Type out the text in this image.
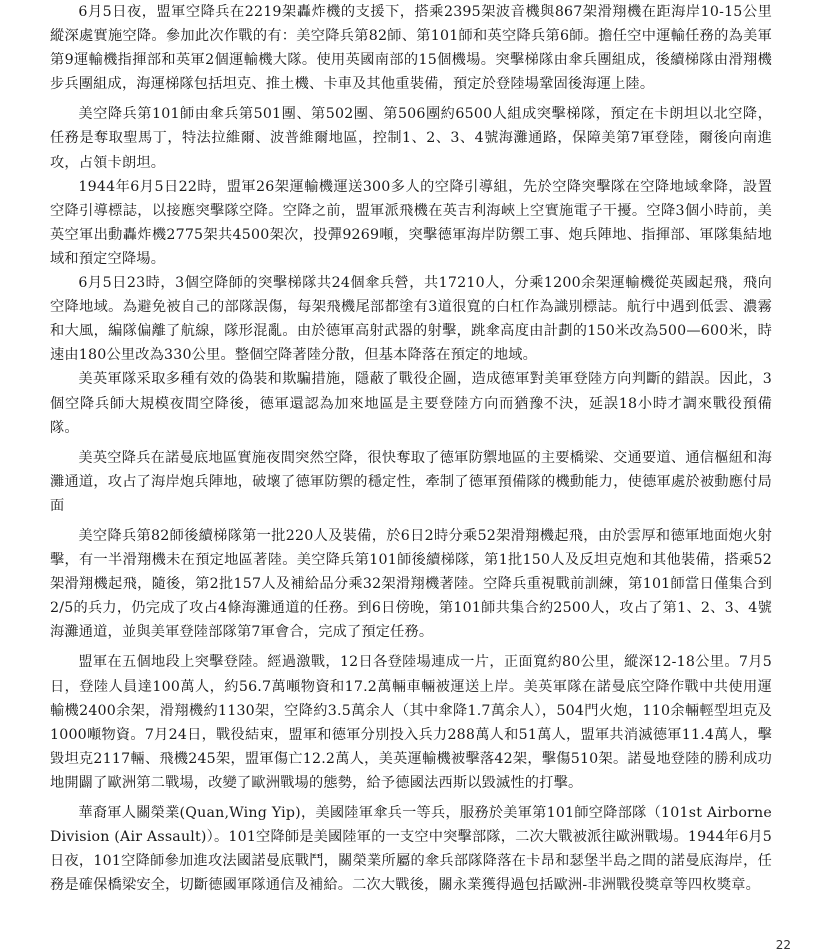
6月5日夜，盟軍空降兵在2219架轟炸機的支援下，搭乘2395架波音機與867架滑翔機在距海岸10-15公里縱深處實施空降。參加此次作戰的有：美空降兵第82師、第101師和英空降兵第6師。擔任空中運輸任務的為美軍第9運輸機指揮部和英軍2個運輸機大隊。使用英國南部的15個機場。突擊梯隊由傘兵團組成，後續梯隊由滑翔機步兵團組成，海運梯隊包括坦克、推土機、卡車及其他重裝備，預定於登陸場鞏固後海運上陸。

美空降兵第101師由傘兵第501團、第502團、第506團約6500人組成突擊梯隊，預定在卡朗坦以北空降，任務是奪取聖馬丁，特法拉維爾、波普維爾地區，控制1、2、3、4號海灘通路，保障美第7軍登陸，爾後向南進攻，占領卡朗坦。

1944年6月5日22時，盟軍26架運輸機運送300多人的空降引導組，先於空降突擊隊在空降地域傘降，設置空降引導標誌，以接應突擊隊空降。空降之前，盟軍派飛機在英吉利海峽上空實施電子干擾。空降3個小時前，美英空軍出動轟炸機2775架共4500架次，投彈9269噸，突擊德軍海岸防禦工事、炮兵陣地、指揮部、軍隊集結地域和預定空降場。

6月5日23時，3個空降師的突擊梯隊共24個傘兵營，共17210人，分乘1200余架運輸機從英國起飛，飛向空降地域。為避免被自己的部隊誤傷，每架飛機尾部都塗有3道很寬的白杠作為識別標誌。航行中遇到低雲、濃霧和大風，編隊偏離了航線，隊形混亂。由於德軍高射武器的射擊，跳傘高度由計劃的150米改為500—600米，時速由180公里改為330公里。整個空降著陸分散，但基本降落在預定的地域。

美英軍隊采取多種有效的偽裝和欺騙措施，隱蔽了戰役企圖，造成德軍對美軍登陸方向判斷的錯誤。因此，3個空降兵師大規模夜間空降後，德軍還認為加來地區是主要登陸方向而猶豫不決，延誤18小時才調來戰役預備隊。

美英空降兵在諾曼底地區實施夜間突然空降，很快奪取了德軍防禦地區的主要橋梁、交通要道、通信樞紐和海灘通道，攻占了海岸炮兵陣地，破壞了德軍防禦的穩定性，牽制了德軍預備隊的機動能力，使德軍處於被動應付局面

美空降兵第82師後續梯隊第一批220人及裝備，於6日2時分乘52架滑翔機起飛，由於雲厚和德軍地面炮火射擊，有一半滑翔機未在預定地區著陸。美空降兵第101師後續梯隊，第1批150人及反坦克炮和其他裝備，搭乘52架滑翔機起飛，隨後，第2批157人及補給品分乘32架滑翔機著陸。空降兵重視戰前訓練，第101師當日僅集合到2/5的兵力，仍完成了攻占4條海灘通道的任務。到6日傍晚，第101師共集合約2500人，攻占了第1、2、3、4號海灘通道，並與美軍登陸部隊第7軍會合，完成了預定任務。

盟軍在五個地段上突擊登陸。經過激戰，12日各登陸場連成一片，正面寬約80公里，縱深12-18公里。7月5日，登陸人員達100萬人，約56.7萬噸物資和17.2萬輛車輛被運送上岸。美英軍隊在諾曼底空降作戰中共使用運輸機2400余架，滑翔機約1130架，空降約3.5萬余人（其中傘降1.7萬余人），504門火炮，110余輛輕型坦克及1000噸物資。7月24日，戰役結束，盟軍和德軍分別投入兵力288萬人和51萬人，盟軍共消滅德軍11.4萬人，擊毀坦克2117輛、飛機245架，盟軍傷亡12.2萬人，美英運輸機被擊落42架，擊傷510架。諾曼地登陸的勝利成功地開闢了歐洲第二戰場，改變了歐洲戰場的態勢，給予德國法西斯以毀滅性的打擊。

華裔軍人關榮業(Quan,Wing Yip)，美國陸軍傘兵一等兵，服務於美軍第101師空降部隊（101st Airborne Division (Air Assault)）。101空降師是美國陸軍的一支空中突擊部隊，二次大戰被派往歐洲戰場。1944年6月5日夜，101空降師參加進攻法國諾曼底戰鬥，關榮業所屬的傘兵部隊降落在卡昂和瑟堡半島之間的諾曼底海岸，任務是確保橋梁安全，切斷德國軍隊通信及補給。二次大戰後，關永業獲得過包括歐洲-非洲戰役獎章等四枚獎章。

22
